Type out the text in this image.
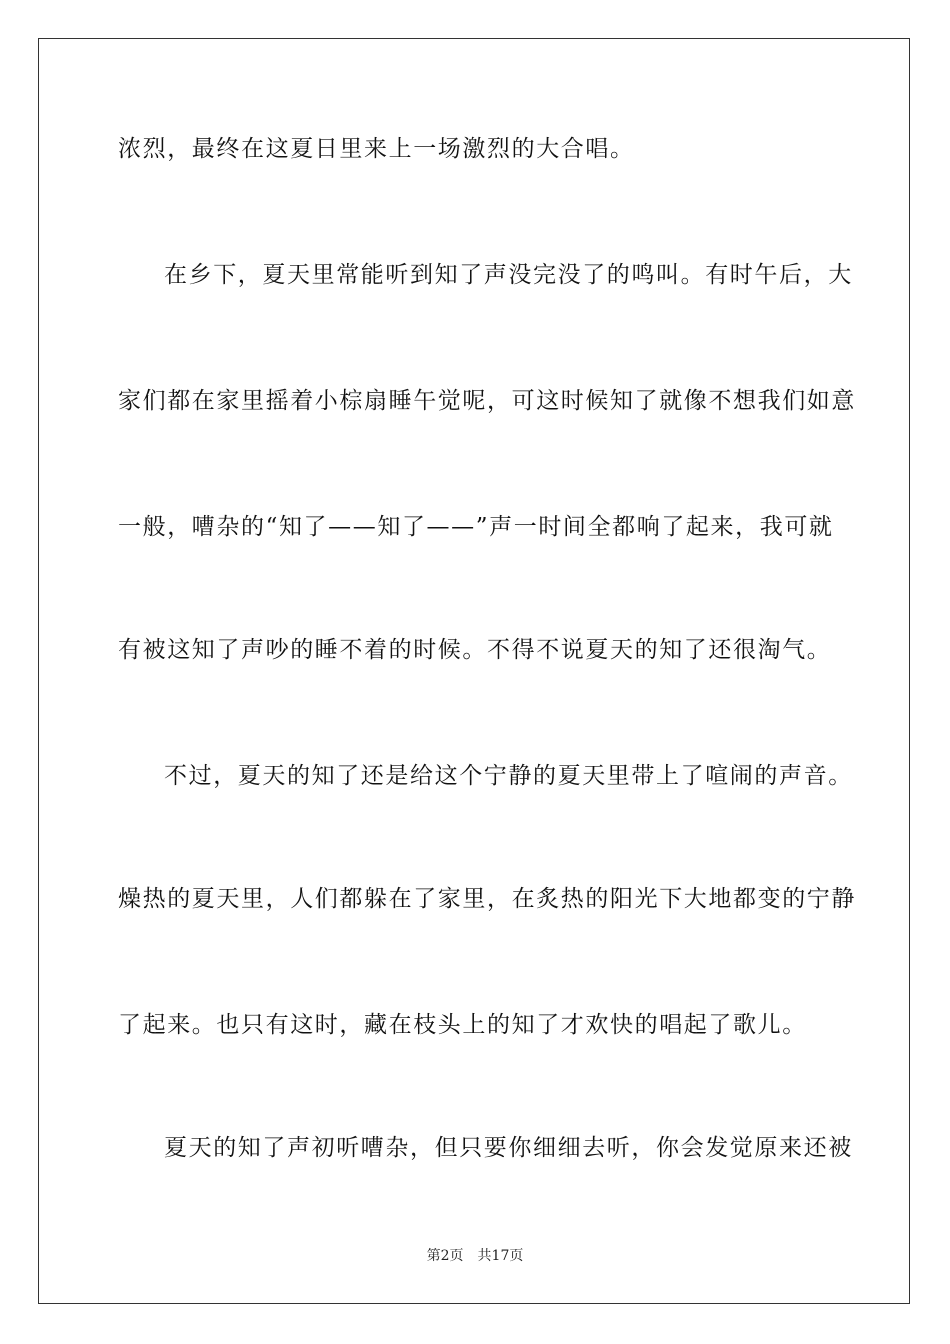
浓烈，最终在这夏日里来上一场激烈的大合唱。
在乡下，夏天里常能听到知了声没完没了的鸣叫。有时午后，大
家们都在家里摇着小棕扇睡午觉呢，可这时候知了就像不想我们如意
一般，嘈杂的“知了——知了——”声一时间全都响了起来，我可就
有被这知了声吵的睡不着的时候。不得不说夏天的知了还很淘气。
不过，夏天的知了还是给这个宁静的夏天里带上了喧闹的声音。
燥热的夏天里，人们都躲在了家里，在炙热的阳光下大地都变的宁静
了起来。也只有这时，藏在枝头上的知了才欢快的唱起了歌儿。
夏天的知了声初听嘈杂，但只要你细细去听，你会发觉原来还被
第2页 共17页
